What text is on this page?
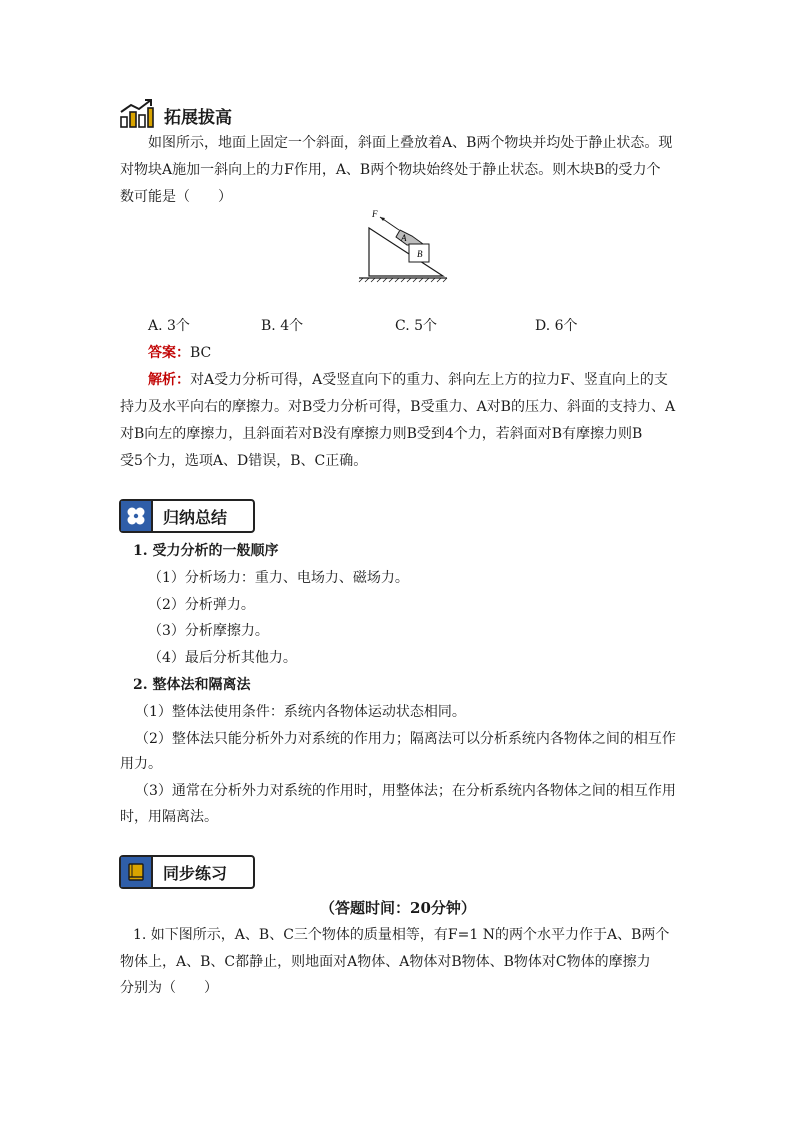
拓展拔高
如图所示，地面上固定一个斜面，斜面上叠放着A、B两个物块并均处于静止状态。现
对物块A施加一斜向上的力F作用，A、B两个物块始终处于静止状态。则木块B的受力个
数可能是（　　）
F
A
B
A. 3个	B. 4个	C. 5个	D. 6个
答案：BC
解析：对A受力分析可得，A受竖直向下的重力、斜向左上方的拉力F、竖直向上的支
持力及水平向右的摩擦力。对B受力分析可得，B受重力、A对B的压力、斜面的支持力、A
对B向左的摩擦力，且斜面若对B没有摩擦力则B受到4个力，若斜面对B有摩擦力则B
受5个力，选项A、D错误，B、C正确。
归纳总结
1. 受力分析的一般顺序
（1）分析场力：重力、电场力、磁场力。
（2）分析弹力。
（3）分析摩擦力。
（4）最后分析其他力。
2. 整体法和隔离法
（1）整体法使用条件：系统内各物体运动状态相同。
（2）整体法只能分析外力对系统的作用力；隔离法可以分析系统内各物体之间的相互作
用力。
（3）通常在分析外力对系统的作用时，用整体法；在分析系统内各物体之间的相互作用
时，用隔离法。
同步练习
（答题时间：20分钟）
1. 如下图所示，A、B、C三个物体的质量相等，有F=1 N的两个水平力作于A、B两个
物体上，A、B、C都静止，则地面对A物体、A物体对B物体、B物体对C物体的摩擦力
分别为（　　）
